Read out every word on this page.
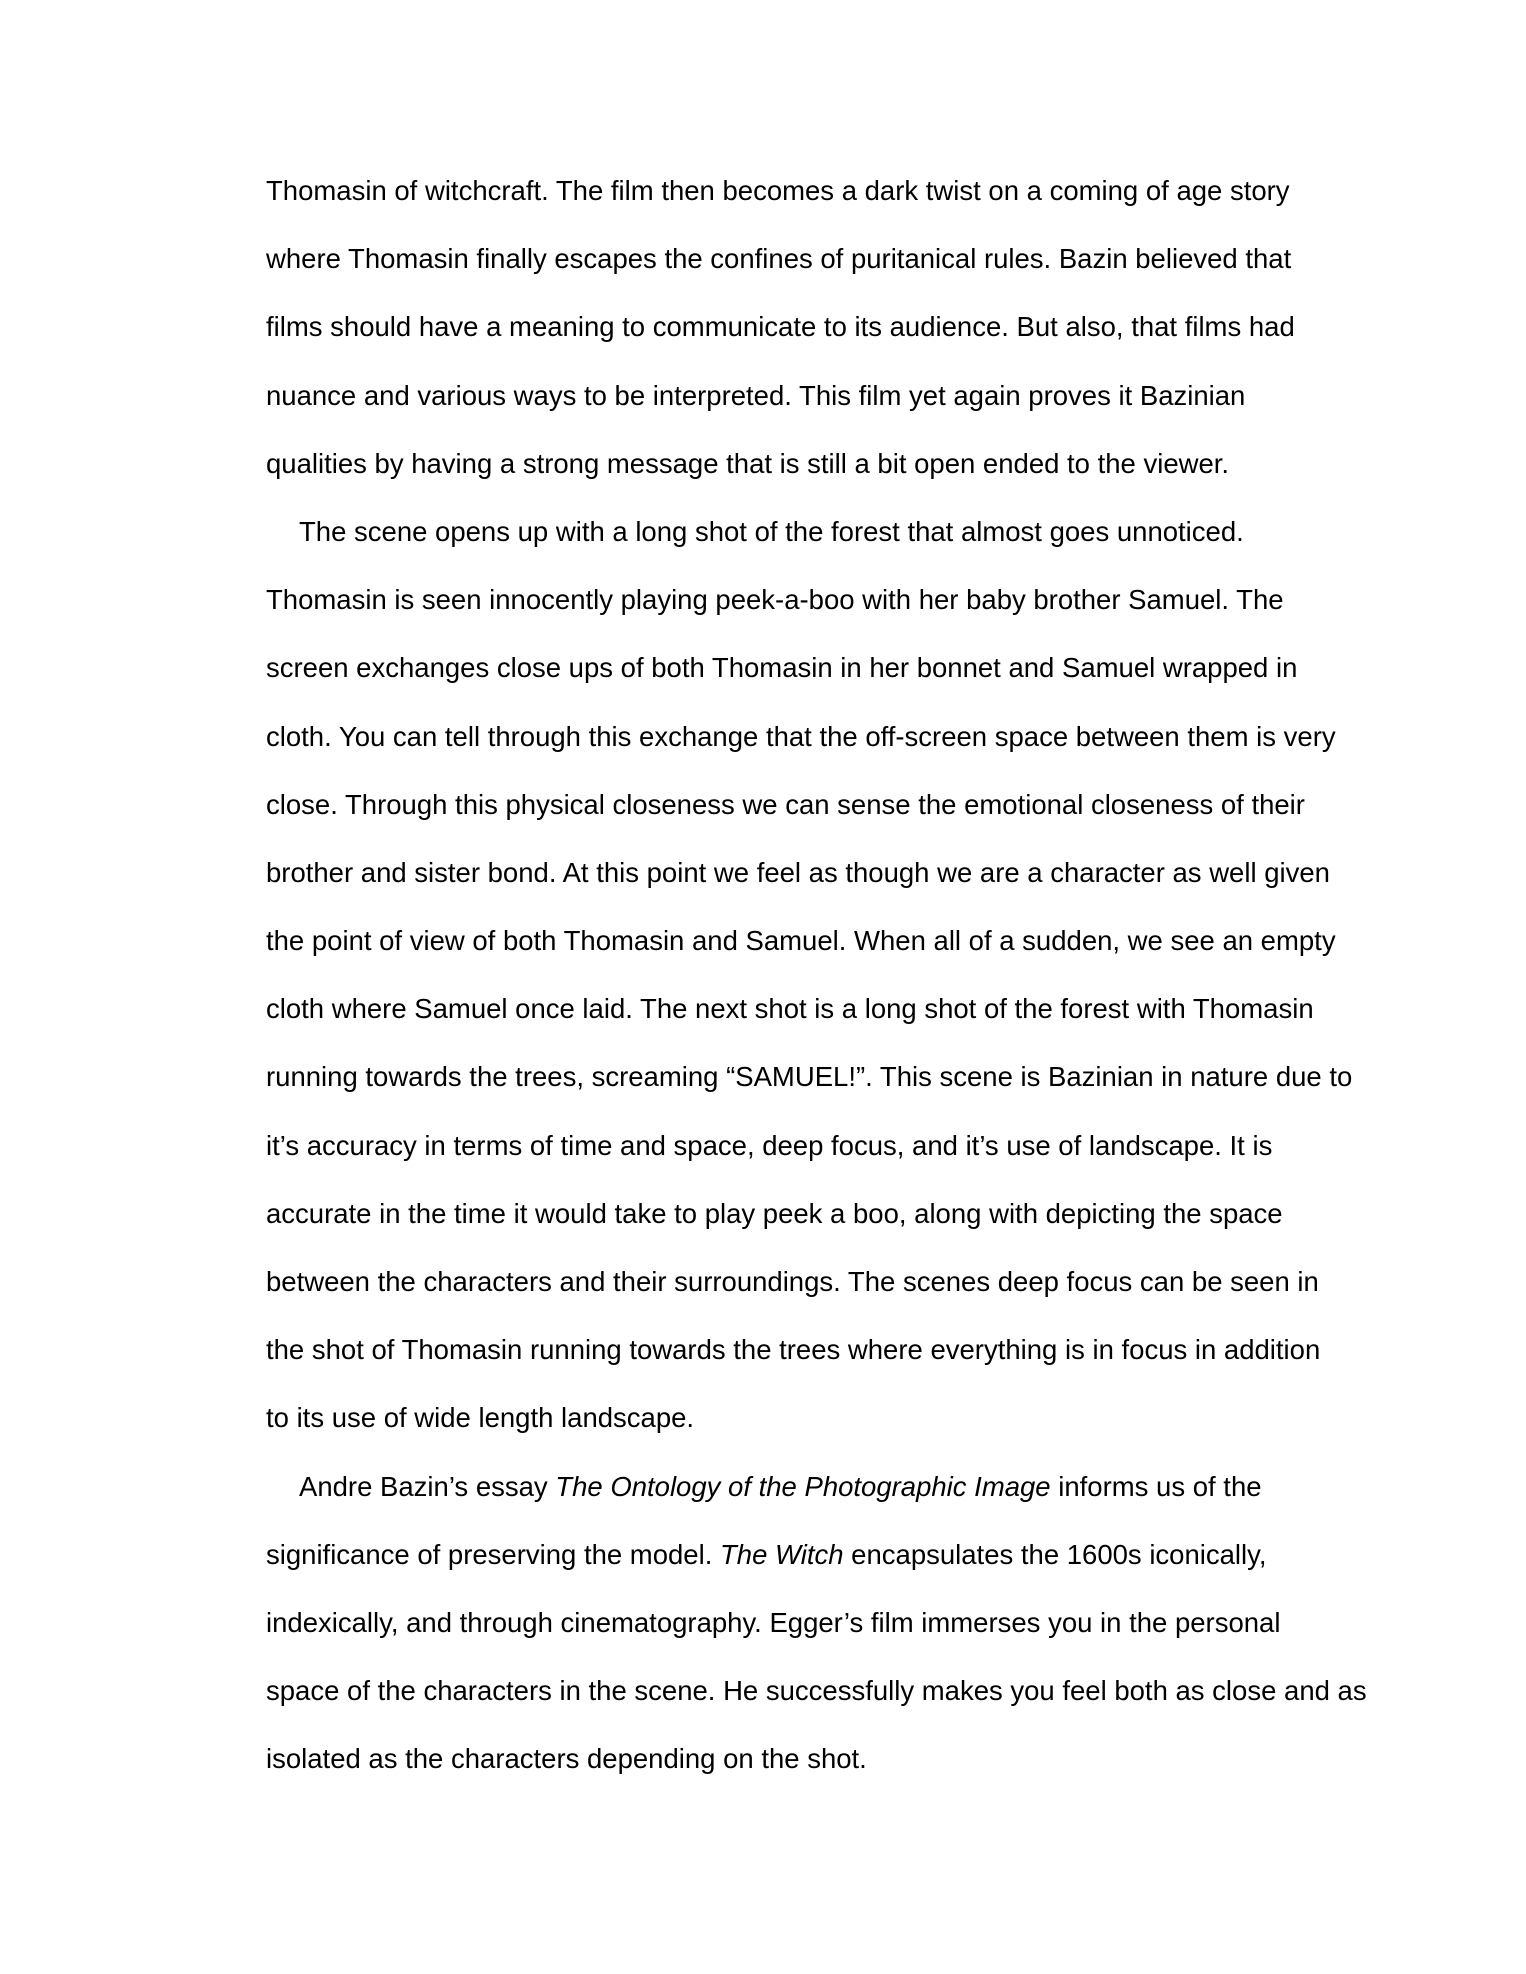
Thomasin of witchcraft. The film then becomes a dark twist on a coming of age story
where Thomasin finally escapes the confines of puritanical rules. Bazin believed that
films should have a meaning to communicate to its audience. But also, that films had
nuance and various ways to be interpreted. This film yet again proves it Bazinian
qualities by having a strong message that is still a bit open ended to the viewer.
The scene opens up with a long shot of the forest that almost goes unnoticed.
Thomasin is seen innocently playing peek-a-boo with her baby brother Samuel. The
screen exchanges close ups of both Thomasin in her bonnet and Samuel wrapped in
cloth. You can tell through this exchange that the off-screen space between them is very
close. Through this physical closeness we can sense the emotional closeness of their
brother and sister bond. At this point we feel as though we are a character as well given
the point of view of both Thomasin and Samuel. When all of a sudden, we see an empty
cloth where Samuel once laid. The next shot is a long shot of the forest with Thomasin
running towards the trees, screaming “SAMUEL!”. This scene is Bazinian in nature due to
it’s accuracy in terms of time and space, deep focus, and it’s use of landscape. It is
accurate in the time it would take to play peek a boo, along with depicting the space
between the characters and their surroundings. The scenes deep focus can be seen in
the shot of Thomasin running towards the trees where everything is in focus in addition
to its use of wide length landscape.
Andre Bazin’s essay The Ontology of the Photographic Image informs us of the
significance of preserving the model. The Witch encapsulates the 1600s iconically,
indexically, and through cinematography. Egger’s film immerses you in the personal
space of the characters in the scene. He successfully makes you feel both as close and as
isolated as the characters depending on the shot.
